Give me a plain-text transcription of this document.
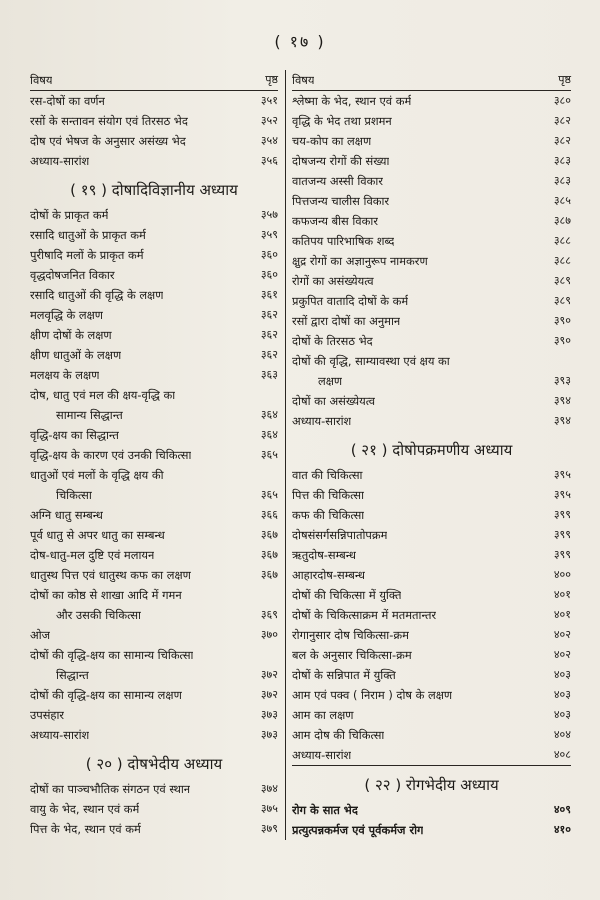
( १७ )
विषय	पृष्ठ
रस-दोषों का वर्णन	३५१
रसों के सन्तावन संयोग एवं तिरसठ भेद	३५२
दोष एवं भेषज के अनुसार असंख्य भेद	३५४
अध्याय-सारांश	३५६
( १९ ) दोषादिविज्ञानीय अध्याय
दोषों के प्राकृत कर्म	३५७
रसादि धातुओं के प्राकृत कर्म	३५९
पुरीषादि मलों के प्राकृत कर्म	३६०
वृद्धदोषजनित विकार	३६०
रसादि धातुओं की वृद्धि के लक्षण	३६१
मलवृद्धि के लक्षण	३६२
क्षीण दोषों के लक्षण	३६२
क्षीण धातुओं के लक्षण	३६२
मलक्षय के लक्षण	३६३
दोष, धातु एवं मल की क्षय-वृद्धि का
सामान्य सिद्धान्त	३६४
वृद्धि-क्षय का सिद्धान्त	३६४
वृद्धि-क्षय के कारण एवं उनकी चिकित्सा	३६५
धातुओं एवं मलों के वृद्धि क्षय की
चिकित्सा	३६५
अग्नि धातु सम्बन्ध	३६६
पूर्व धातु से अपर धातु का सम्बन्ध	३६७
दोष-धातु-मल दुष्टि एवं मलायन	३६७
धातुस्थ पित्त एवं धातुस्थ कफ का लक्षण	३६७
दोषों का कोष्ठ से शाखा आदि में गमन
और उसकी चिकित्सा	३६९
ओज	३७०
दोषों की वृद्धि-क्षय का सामान्य चिकित्सा
सिद्धान्त	३७२
दोषों की वृद्धि-क्षय का सामान्य लक्षण	३७२
उपसंहार	३७३
अध्याय-सारांश	३७३
( २० ) दोषभेदीय अध्याय
दोषों का पाञ्चभौतिक संगठन एवं स्थान	३७४
वायु के भेद, स्थान एवं कर्म	३७५
पित्त के भेद, स्थान एवं कर्म	३७९
विषय	पृष्ठ
श्लेष्मा के भेद, स्थान एवं कर्म	३८०
वृद्धि के भेद तथा प्रशमन	३८२
चय-कोप का लक्षण	३८२
दोषजन्य रोगों की संख्या	३८३
वातजन्य अस्सी विकार	३८३
पित्तजन्य चालीस विकार	३८५
कफजन्य बीस विकार	३८७
कतिपय पारिभाषिक शब्द	३८८
क्षुद्र रोगों का अज्ञानुरूप नामकरण	३८८
रोगों का असंख्येयत्व	३८९
प्रकुपित वातादि दोषों के कर्म	३८९
रसों द्वारा दोषों का अनुमान	३९०
दोषों के तिरसठ भेद	३९०
दोषों की वृद्धि, साम्यावस्था एवं क्षय का
लक्षण	३९३
दोषों का असंख्येयत्व	३९४
अध्याय-सारांश	३९४
( २१ ) दोषोपक्रमणीय अध्याय
वात की चिकित्सा	३९५
पित्त की चिकित्सा	३९५
कफ की चिकित्सा	३९९
दोषसंसर्गसन्निपातोपक्रम	३९९
ऋतुदोष-सम्बन्ध	३९९
आहारदोष-सम्बन्ध	४००
दोषों की चिकित्सा में युक्ति	४०१
दोषों के चिकित्साक्रम में मतमतान्तर	४०१
रोगानुसार दोष चिकित्सा-क्रम	४०२
बल के अनुसार चिकित्सा-क्रम	४०२
दोषों के सन्निपात में युक्ति	४०३
आम एवं पक्व ( निराम ) दोष के लक्षण	४०३
आम का लक्षण	४०३
आम दोष की चिकित्सा	४०४
अध्याय-सारांश	४०८
( २२ ) रोगभेदीय अध्याय
रोग के सात भेद	४०९
प्रत्युत्पन्नकर्मज एवं पूर्वकर्मज रोग	४१०
